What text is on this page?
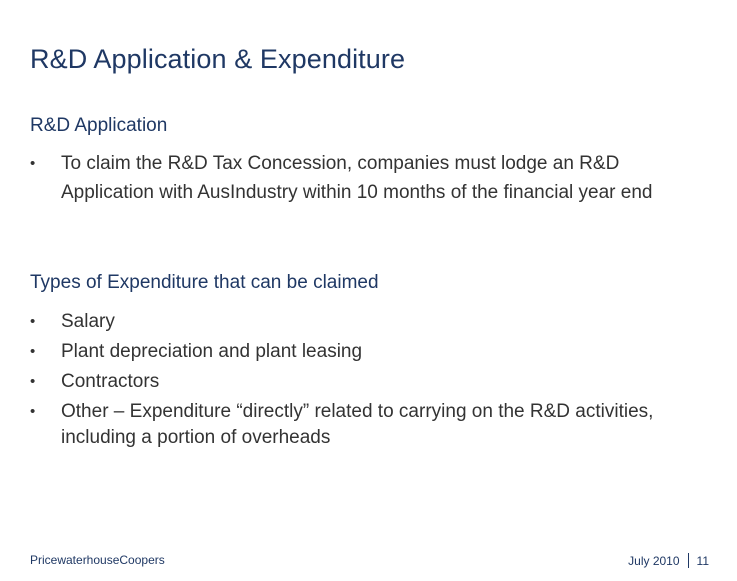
R&D Application & Expenditure
R&D Application
• To claim the R&D Tax Concession, companies must lodge an R&D Application with AusIndustry within 10 months of the financial year end
Types of Expenditure that can be claimed
• Salary
• Plant depreciation and plant leasing
• Contractors
• Other – Expenditure “directly” related to carrying on the R&D activities, including a portion of overheads
PricewaterhouseCoopers	July 2010 11
